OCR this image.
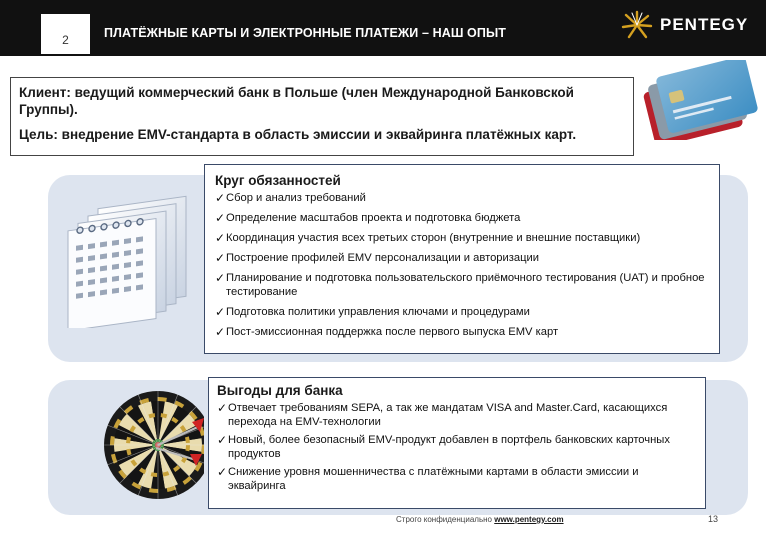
2	ПЛАТЁЖНЫЕ КАРТЫ И ЭЛЕКТРОННЫЕ ПЛАТЕЖИ – НАШ ОПЫТ	PENTEGY

Клиент: ведущий коммерческий банк в Польше (член Международной Банковской Группы).

Цель: внедрение EMV-стандарта в область эмиссии и эквайринга платёжных карт.

Круг обязанностей
✓ Сбор и анализ требований
✓ Определение масштабов проекта и подготовка бюджета
✓ Координация участия всех третьих сторон (внутренние и внешние поставщики)
✓ Построение профилей EMV персонализации и авторизации
✓ Планирование и подготовка пользовательского приёмочного тестирования (UAT) и пробное тестирование
✓ Подготовка политики управления ключами и процедурами
✓ Пост-эмиссионная поддержка после первого выпуска EMV карт
Выгоды для банка
✓ Отвечает требованиям SEPA, а так же мандатам VISA and Master.Card, касающихся перехода на EMV-технологии
✓ Новый, более безопасный EMV-продукт добавлен в портфель банковских карточных продуктов
✓ Снижение уровня мошенничества с платёжными картами в области эмиссии и эквайринга
Строго конфиденциально www.pentegy.com	13
